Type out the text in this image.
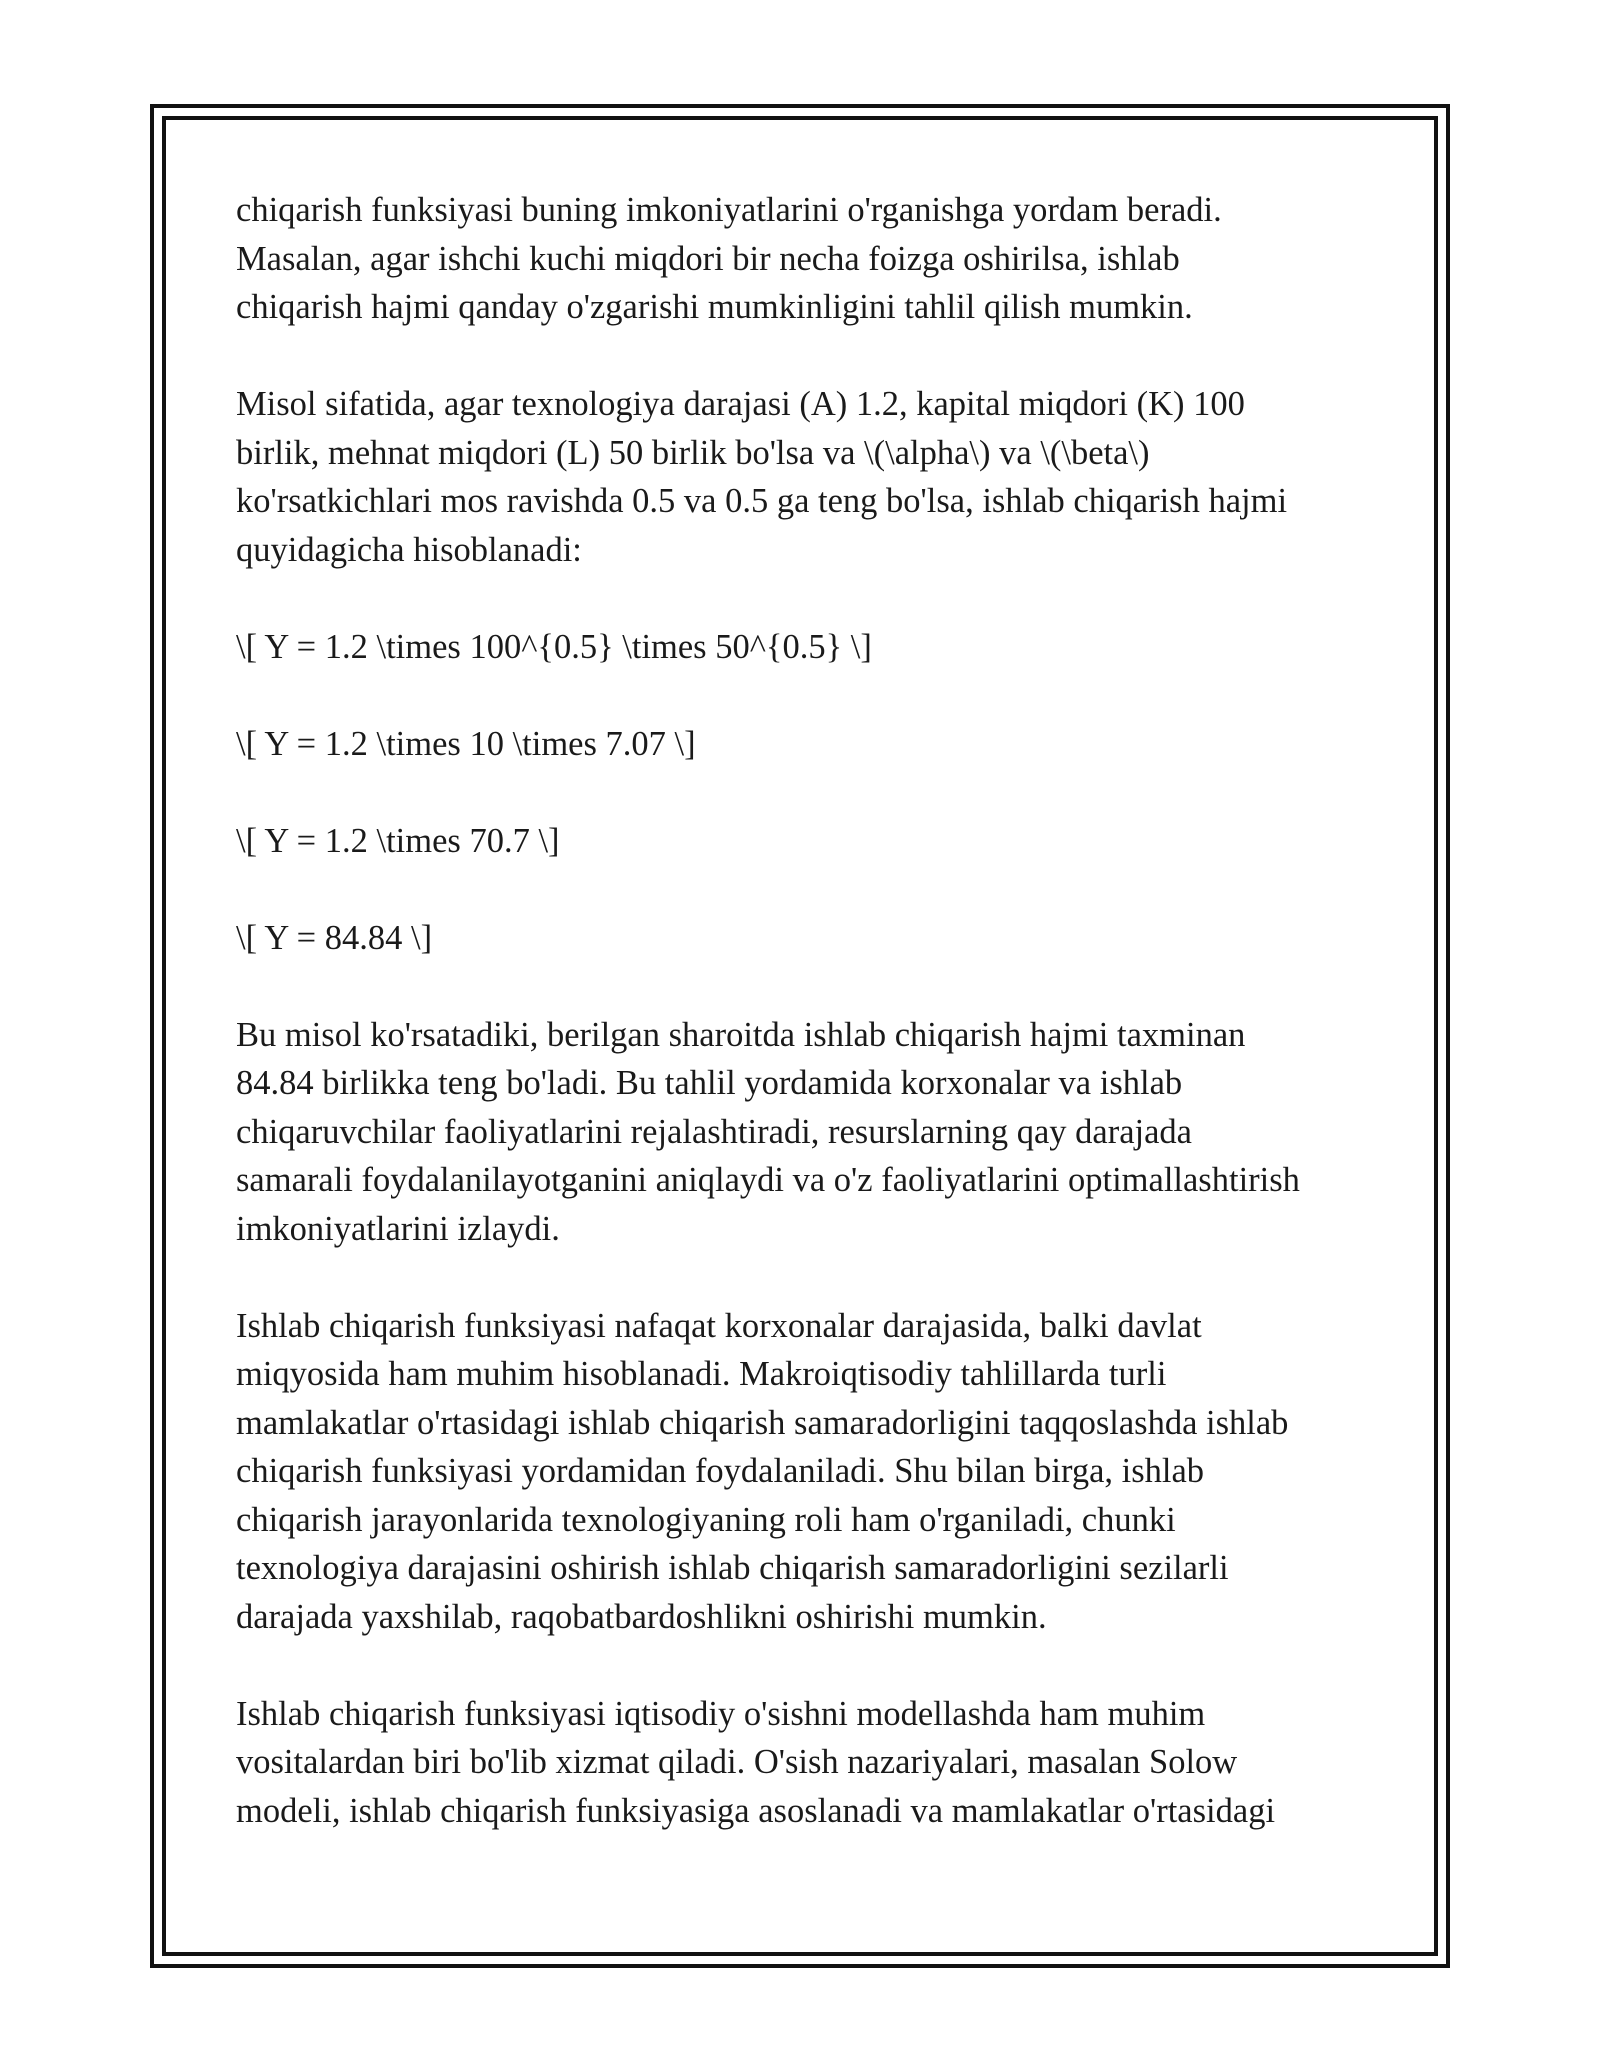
chiqarish funksiyasi buning imkoniyatlarini o'rganishga yordam beradi.
Masalan, agar ishchi kuchi miqdori bir necha foizga oshirilsa, ishlab
chiqarish hajmi qanday o'zgarishi mumkinligini tahlil qilish mumkin.

Misol sifatida, agar texnologiya darajasi (A) 1.2, kapital miqdori (K) 100
birlik, mehnat miqdori (L) 50 birlik bo'lsa va \(\alpha\) va \(\beta\)
ko'rsatkichlari mos ravishda 0.5 va 0.5 ga teng bo'lsa, ishlab chiqarish hajmi
quyidagicha hisoblanadi:

\[ Y = 1.2 \times 100^{0.5} \times 50^{0.5} \]

\[ Y = 1.2 \times 10 \times 7.07 \]

\[ Y = 1.2 \times 70.7 \]

\[ Y = 84.84 \]

Bu misol ko'rsatadiki, berilgan sharoitda ishlab chiqarish hajmi taxminan
84.84 birlikka teng bo'ladi. Bu tahlil yordamida korxonalar va ishlab
chiqaruvchilar faoliyatlarini rejalashtiradi, resurslarning qay darajada
samarali foydalanilayotganini aniqlaydi va o'z faoliyatlarini optimallashtirish
imkoniyatlarini izlaydi.

Ishlab chiqarish funksiyasi nafaqat korxonalar darajasida, balki davlat
miqyosida ham muhim hisoblanadi. Makroiqtisodiy tahlillarda turli
mamlakatlar o'rtasidagi ishlab chiqarish samaradorligini taqqoslashda ishlab
chiqarish funksiyasi yordamidan foydalaniladi. Shu bilan birga, ishlab
chiqarish jarayonlarida texnologiyaning roli ham o'rganiladi, chunki
texnologiya darajasini oshirish ishlab chiqarish samaradorligini sezilarli
darajada yaxshilab, raqobatbardoshlikni oshirishi mumkin.

Ishlab chiqarish funksiyasi iqtisodiy o'sishni modellashda ham muhim
vositalardan biri bo'lib xizmat qiladi. O'sish nazariyalari, masalan Solow
modeli, ishlab chiqarish funksiyasiga asoslanadi va mamlakatlar o'rtasidagi
